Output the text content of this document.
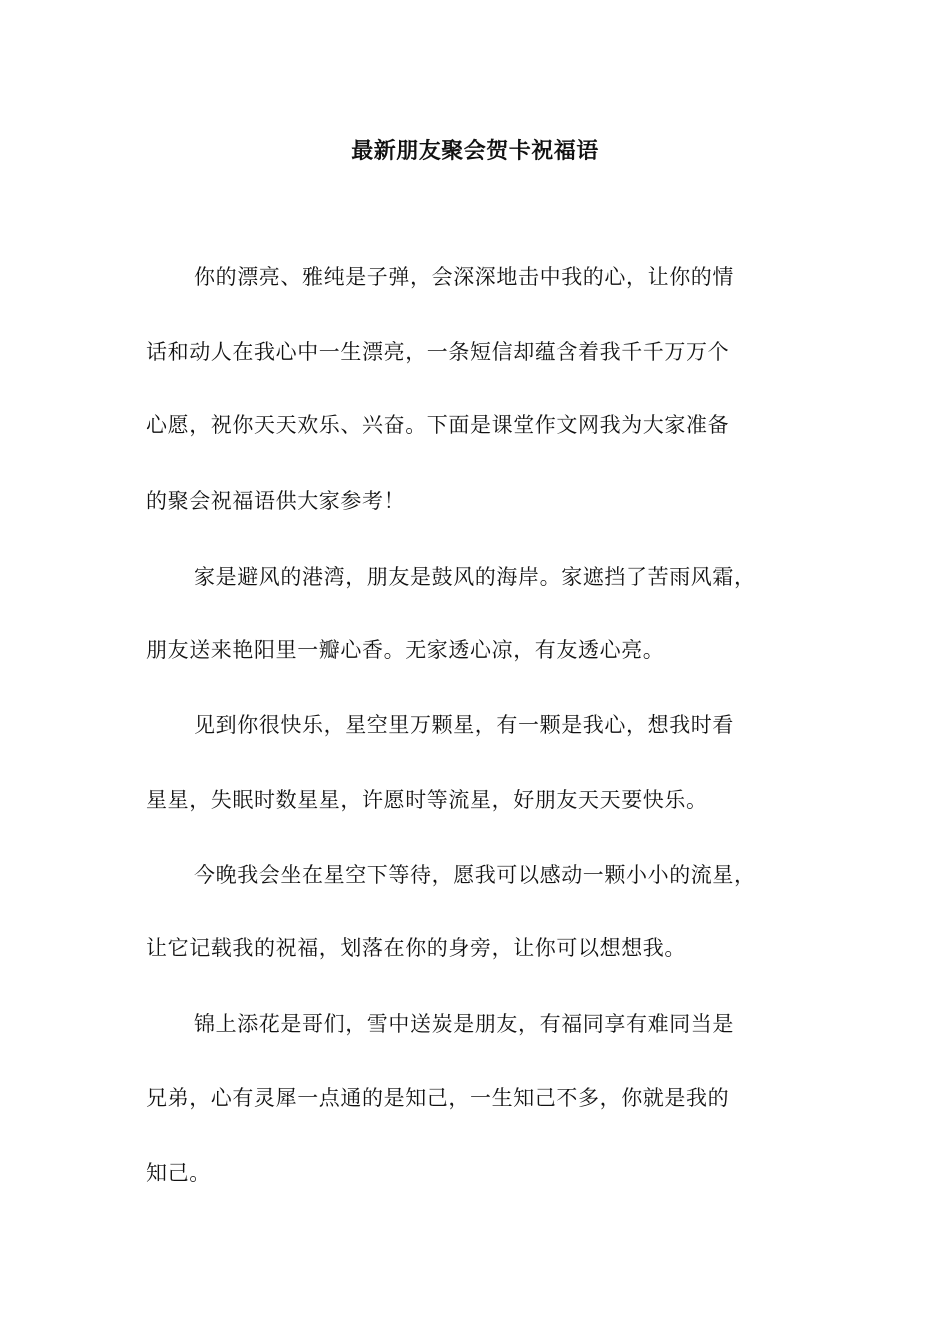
最新朋友聚会贺卡祝福语
你的漂亮、雅纯是子弹，会深深地击中我的心，让你的情
话和动人在我心中一生漂亮，一条短信却蕴含着我千千万万个
心愿，祝你天天欢乐、兴奋。下面是课堂作文网我为大家准备
的聚会祝福语供大家参考！
家是避风的港湾，朋友是鼓风的海岸。家遮挡了苦雨风霜，
朋友送来艳阳里一瓣心香。无家透心凉，有友透心亮。
见到你很快乐，星空里万颗星，有一颗是我心，想我时看
星星，失眠时数星星，许愿时等流星，好朋友天天要快乐。
今晚我会坐在星空下等待，愿我可以感动一颗小小的流星，
让它记载我的祝福，划落在你的身旁，让你可以想想我。
锦上添花是哥们，雪中送炭是朋友，有福同享有难同当是
兄弟，心有灵犀一点通的是知己，一生知己不多，你就是我的
知己。
